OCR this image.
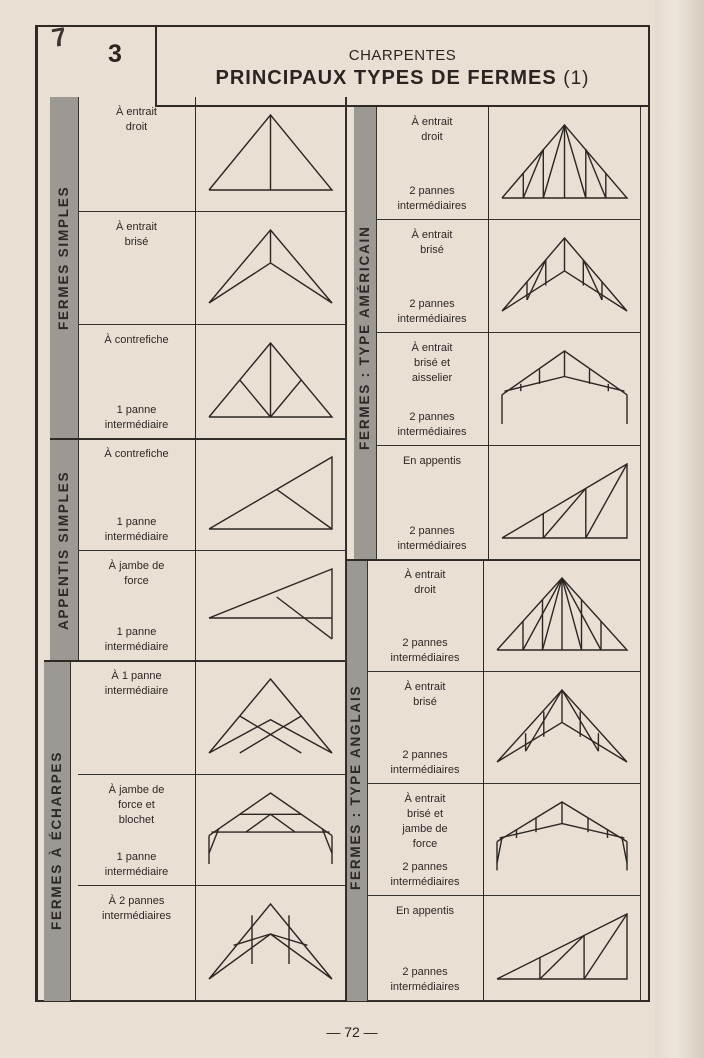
7
3	CHARPENTES
PRINCIPAUX TYPES DE FERMES (1)
FERMES SIMPLES
APPENTIS SIMPLES
FERMES À ÉCHARPES
FERMES : TYPE AMÉRICAIN
FERMES : TYPE ANGLAIS
À entrait
droit
À entrait
brisé
À contrefiche
1 panne
intermédiaire
À contrefiche
1 panne
intermédiaire
À jambe de
force
1 panne
intermédiaire
À 1 panne
intermédiaire
À jambe de
force et
blochet
1 panne
intermédiaire
À 2 pannes
intermédiaires
À entrait
droit
2 pannes
intermédiaires
À entrait
brisé
2 pannes
intermédiaires
À entrait
brisé et
aisselier
2 pannes
intermédiaires
En appentis
2 pannes
intermédiaires
À entrait
droit
2 pannes
intermédiaires
À entrait
brisé
2 pannes
intermédiaires
À entrait
brisé et
jambe de
force
2 pannes
intermédiaires
En appentis
2 pannes
intermédiaires
— 72 —
